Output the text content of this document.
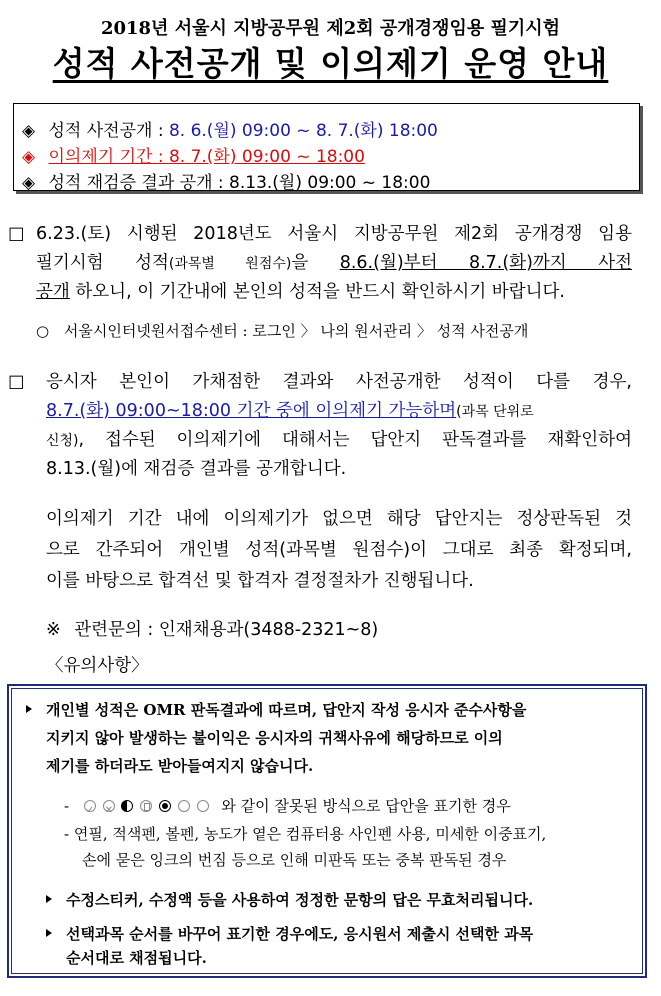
2018년 서울시 지방공무원 제2회 공개경쟁임용 필기시험
성적 사전공개 및 이의제기 운영 안내
◈ 성적 사전공개 : 8. 6.(월) 09:00 ~ 8. 7.(화) 18:00
◈ 이의제기 기간 : 8. 7.(화) 09:00 ~ 18:00
◈ 성적 재검증 결과 공개 : 8.13.(월) 09:00 ~ 18:00
□ 6.23.(토) 시행된 2018년도 서울시 지방공무원 제2회 공개경쟁 임용
필기시험 성적(과목별 원점수)을 8.6.(월)부터 8.7.(화)까지 사전
공개 하오니, 이 기간내에 본인의 성적을 반드시 확인하시기 바랍니다.
○ 서울시인터넷원서접수센터 : 로그인 〉 나의 원서관리 〉 성적 사전공개
□ 응시자 본인이 가채점한 결과와 사전공개한 성적이 다를 경우,
8.7.(화) 09:00~18:00 기간 중에 이의제기 가능하며(과목 단위로
신청), 접수된 이의제기에 대해서는 답안지 판독결과를 재확인하여
8.13.(월)에 재검증 결과를 공개합니다.
이의제기 기간 내에 이의제기가 없으면 해당 답안지는 정상판독된 것
으로 간주되어 개인별 성적(과목별 원점수)이 그대로 최종 확정되며,
이를 바탕으로 합격선 및 합격자 결정절차가 진행됩니다.
※ 관련문의 : 인재채용과(3488-2321~8)
〈유의사항〉
개인별 성적은 OMR 판독결과에 따르며, 답안지 작성 응시자 준수사항을
지키지 않아 발생하는 불이익은 응시자의 귀책사유에 해당하므로 이의
제기를 하더라도 받아들여지지 않습니다.
- ✓
✕

	와 같이 잘못된 방식으로 답안을 표기한 경우
- 연필, 적색펜, 볼펜, 농도가 옅은 컴퓨터용 사인펜 사용, 미세한 이중표기,
손에 묻은 잉크의 번짐 등으로 인해 미판독 또는 중복 판독된 경우
수정스티커, 수정액 등을 사용하여 정정한 문항의 답은 무효처리됩니다.
선택과목 순서를 바꾸어 표기한 경우에도, 응시원서 제출시 선택한 과목
순서대로 채점됩니다.
